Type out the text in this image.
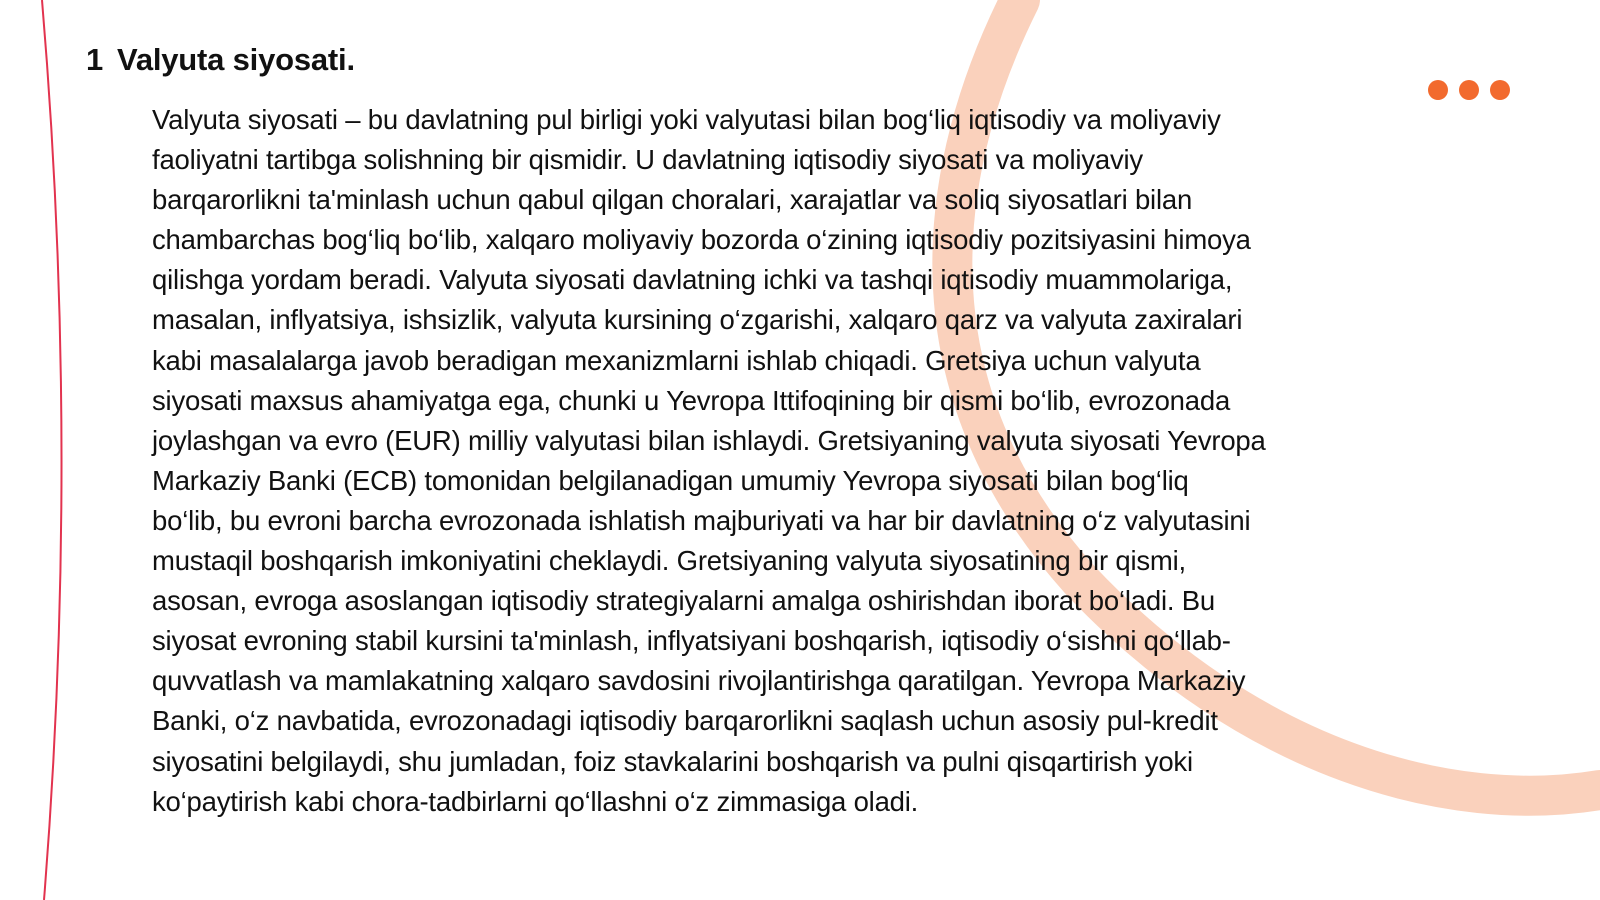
1 Valyuta siyosati.
Valyuta siyosati – bu davlatning pul birligi yoki valyutasi bilan bog‘liq iqtisodiy va moliyaviy
faoliyatni tartibga solishning bir qismidir. U davlatning iqtisodiy siyosati va moliyaviy
barqarorlikni ta'minlash uchun qabul qilgan choralari, xarajatlar va soliq siyosatlari bilan
chambarchas bog‘liq bo‘lib, xalqaro moliyaviy bozorda o‘zining iqtisodiy pozitsiyasini himoya
qilishga yordam beradi. Valyuta siyosati davlatning ichki va tashqi iqtisodiy muammolariga,
masalan, inflyatsiya, ishsizlik, valyuta kursining o‘zgarishi, xalqaro qarz va valyuta zaxiralari
kabi masalalarga javob beradigan mexanizmlarni ishlab chiqadi. Gretsiya uchun valyuta
siyosati maxsus ahamiyatga ega, chunki u Yevropa Ittifoqining bir qismi bo‘lib, evrozonada
joylashgan va evro (EUR) milliy valyutasi bilan ishlaydi. Gretsiyaning valyuta siyosati Yevropa
Markaziy Banki (ECB) tomonidan belgilanadigan umumiy Yevropa siyosati bilan bog‘liq
bo‘lib, bu evroni barcha evrozonada ishlatish majburiyati va har bir davlatning o‘z valyutasini
mustaqil boshqarish imkoniyatini cheklaydi. Gretsiyaning valyuta siyosatining bir qismi,
asosan, evroga asoslangan iqtisodiy strategiyalarni amalga oshirishdan iborat bo‘ladi. Bu
siyosat evroning stabil kursini ta'minlash, inflyatsiyani boshqarish, iqtisodiy o‘sishni qo‘llab-
quvvatlash va mamlakatning xalqaro savdosini rivojlantirishga qaratilgan. Yevropa Markaziy
Banki, o‘z navbatida, evrozonadagi iqtisodiy barqarorlikni saqlash uchun asosiy pul-kredit
siyosatini belgilaydi, shu jumladan, foiz stavkalarini boshqarish va pulni qisqartirish yoki
ko‘paytirish kabi chora-tadbirlarni qo‘llashni o‘z zimmasiga oladi.
